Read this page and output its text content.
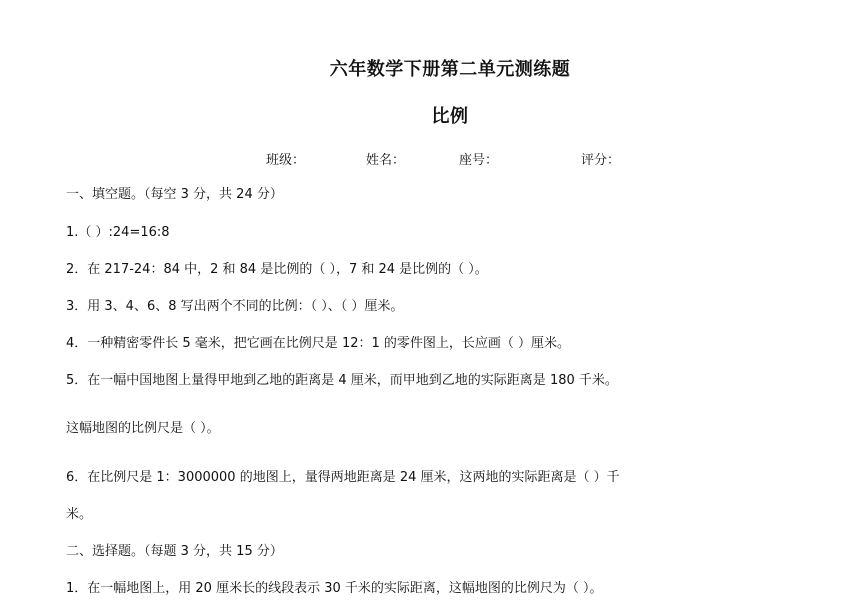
六年数学下册第二单元测练题
比例
班级：	姓名：	座号：	评分：
一、填空题。（每空 3 分，共 24 分）
1.（ ）:24=16:8
2．在 217-24：84 中，2 和 84 是比例的（ ），7 和 24 是比例的（ ）。
3．用 3、4、6、8 写出两个不同的比例：（ ）、（ ）厘米。
4．一种精密零件长 5 毫米，把它画在比例尺是 12：1 的零件图上，长应画（ ）厘米。
5．在一幅中国地图上量得甲地到乙地的距离是 4 厘米，而甲地到乙地的实际距离是 180 千米。
这幅地图的比例尺是（ ）。
6．在比例尺是 1：3000000 的地图上，量得两地距离是 24 厘米，这两地的实际距离是（ ）千
米。
二、选择题。（每题 3 分，共 15 分）
1．在一幅地图上，用 20 厘米长的线段表示 30 千米的实际距离，这幅地图的比例尺为（ ）。
